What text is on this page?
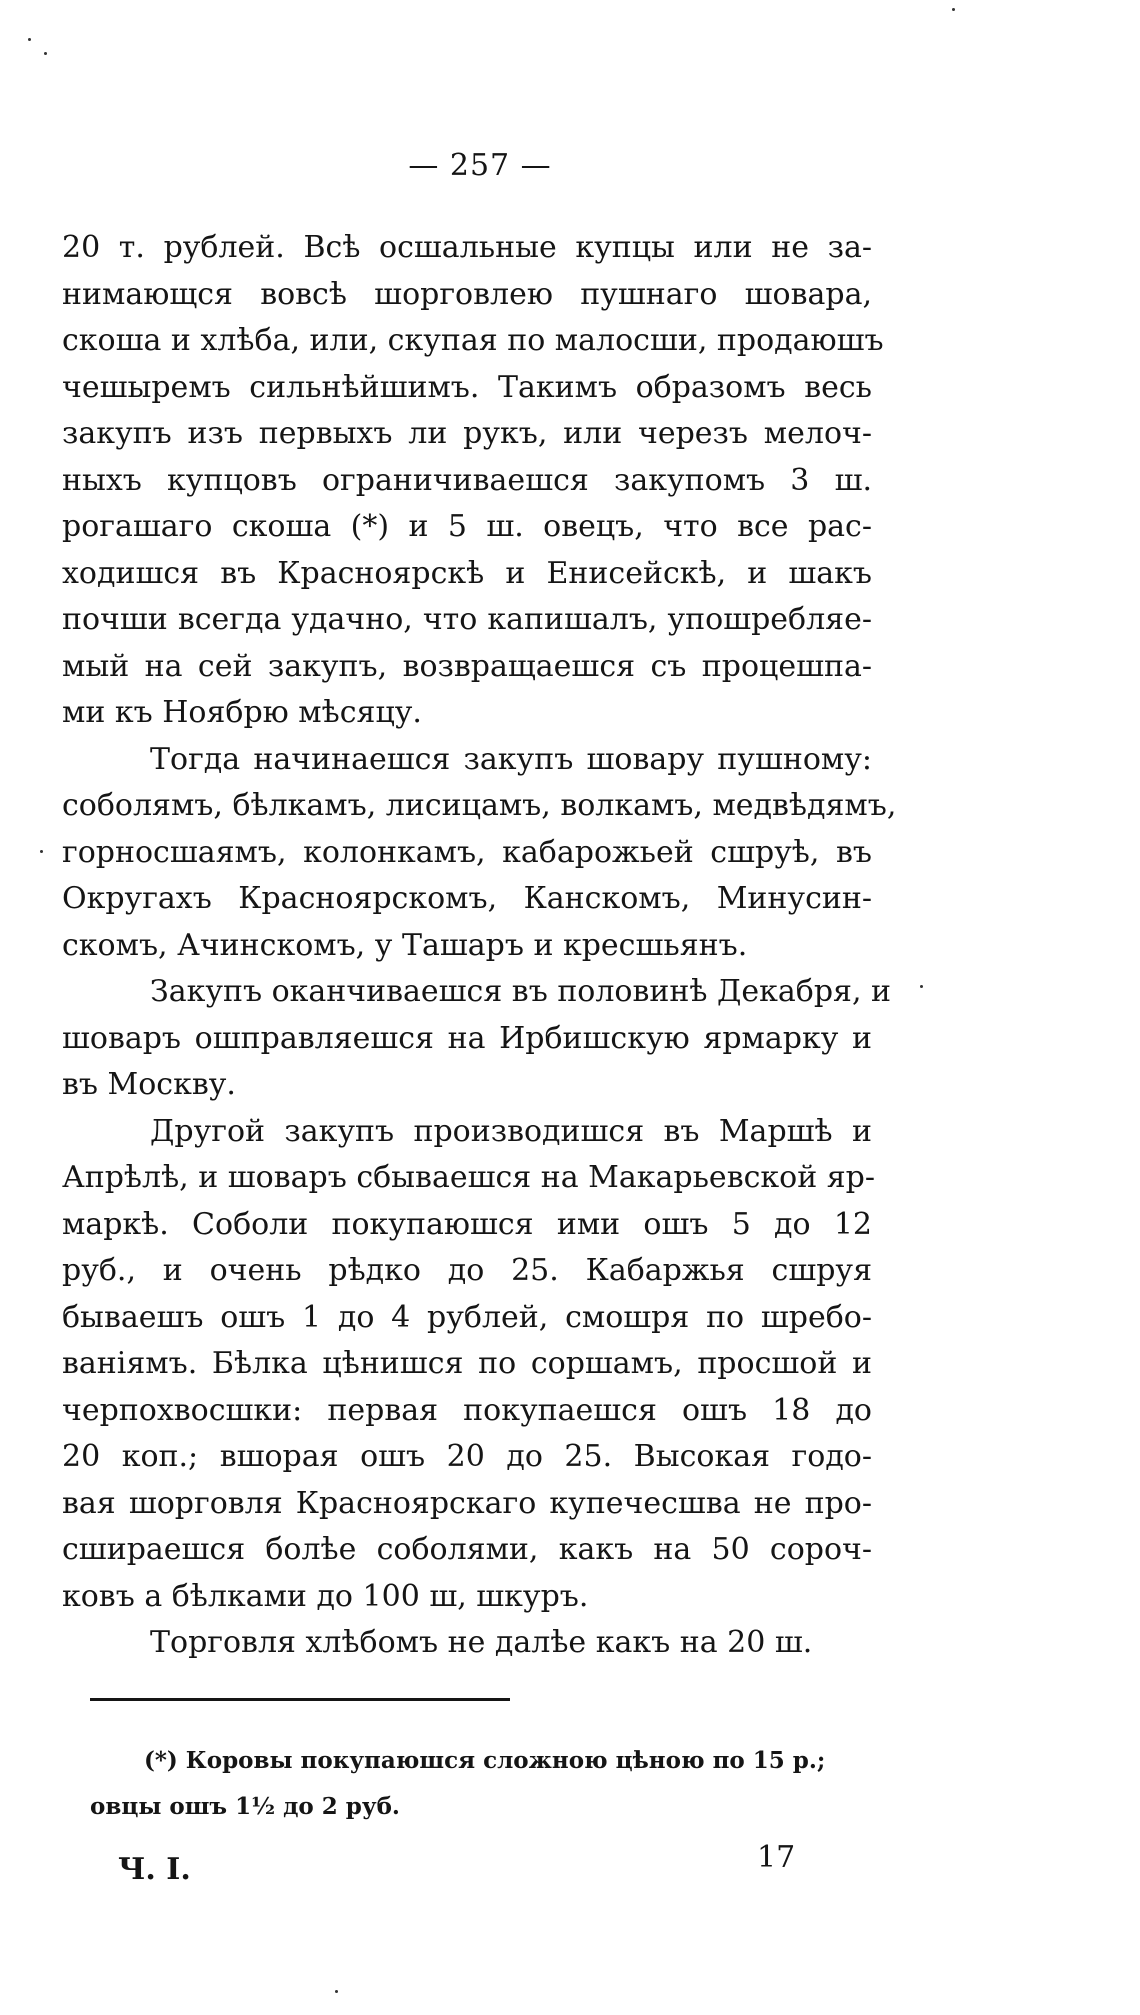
— 257 —
20 т. рублей. Всѣ осшальные купцы или не за-
нимающся вовсѣ шорговлею пушнаго шовара,
скоша и хлѣба, или, скупая по малосши, продаюшъ
чешыремъ сильнѣйшимъ. Такимъ образомъ весь
закупъ изъ первыхъ ли рукъ, или черезъ мелоч-
ныхъ купцовъ ограничиваешся закупомъ 3 ш.
рогашаго скоша (*) и 5 ш. овецъ, что все рас-
ходишся въ Красноярскѣ и Енисейскѣ, и шакъ
почши всегда удачно, что капишалъ, упошребляе-
мый на сей закупъ, возвращаешся съ процешпа-
ми къ Ноябрю мѣсяцу.
Тогда начинаешся закупъ шовару пушному:
соболямъ, бѣлкамъ, лисицамъ, волкамъ, медвѣдямъ,
горносшаямъ, колонкамъ, кабарожьей сшруѣ, въ
Округахъ Красноярскомъ, Канскомъ, Минусин-
скомъ, Ачинскомъ, у Ташаръ и кресшьянъ.
Закупъ оканчиваешся въ половинѣ Декабря, и
шоваръ ошправляешся на Ирбишскую ярмарку и
въ Москву.
Другой закупъ производишся въ Маршѣ и
Апрѣлѣ, и шоваръ сбываешся на Макарьевской яр-
маркѣ. Соболи покупаюшся ими ошъ 5 до 12
руб., и очень рѣдко до 25. Кабаржья сшруя
бываешъ ошъ 1 до 4 рублей, смошря по шребо-
ваніямъ. Бѣлка цѣнишся по соршамъ, просшой и
черпохвосшки: первая покупаешся ошъ 18 до
20 коп.; вшорая ошъ 20 до 25. Высокая годо-
вая шорговля Красноярскаго купечесшва не про-
сшираешся болѣе соболями, какъ на 50 сороч-
ковъ а бѣлками до 100 ш, шкуръ.
Торговля хлѣбомъ не далѣе какъ на 20 ш.
(*) Коровы покупаюшся сложною цѣною по 15 р.;
овцы ошъ 1½ до 2 руб.
Ч. I.	17
